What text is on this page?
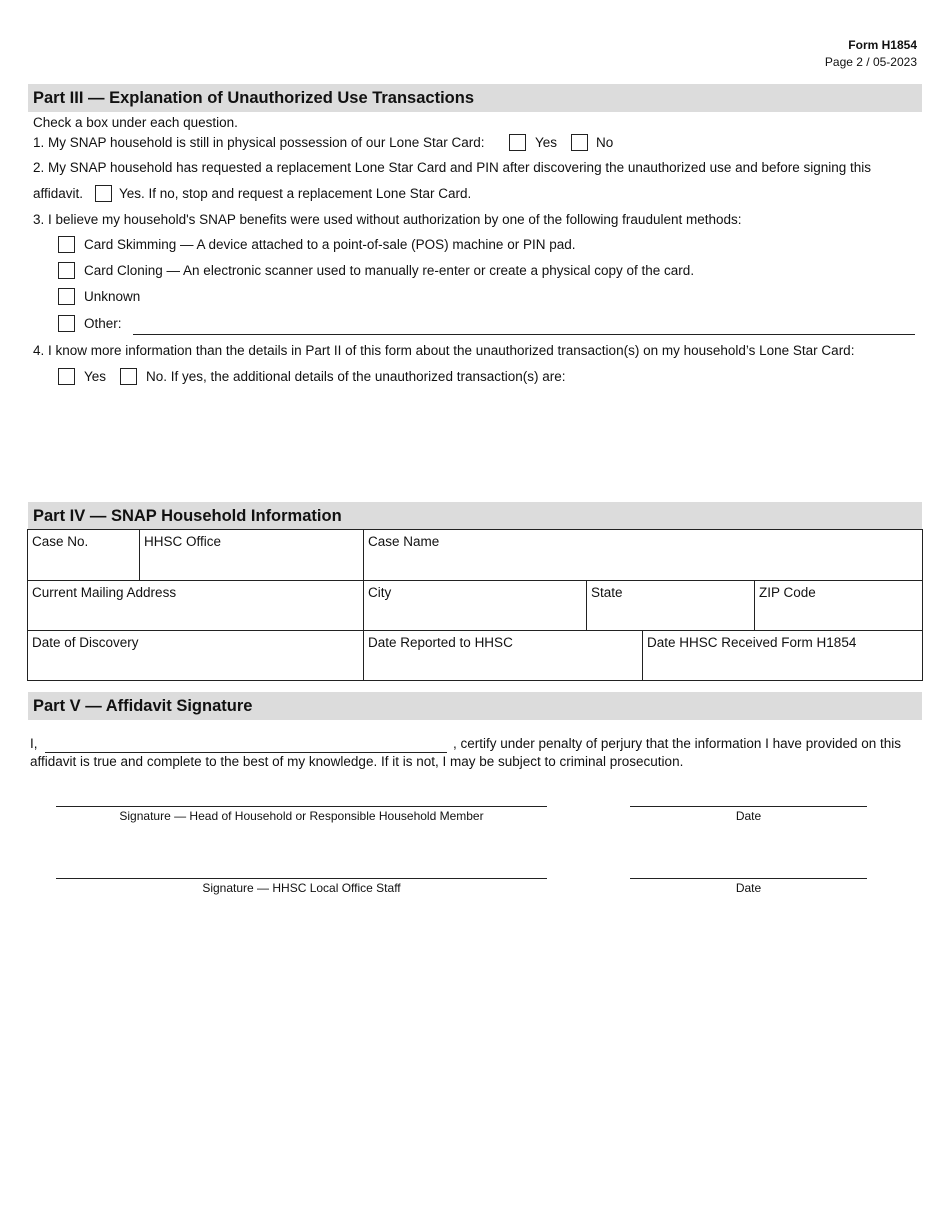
Form H1854
Page 2 / 05-2023
Part III — Explanation of Unauthorized Use Transactions
Check a box under each question.
1. My SNAP household is still in physical possession of our Lone Star Card:	Yes	No
2. My SNAP household has requested a replacement Lone Star Card and PIN after discovering the unauthorized use and before signing this
affidavit.	Yes. If no, stop and request a replacement Lone Star Card.
3. I believe my household's SNAP benefits were used without authorization by one of the following fraudulent methods:
Card Skimming — A device attached to a point-of-sale (POS) machine or PIN pad.
Card Cloning — An electronic scanner used to manually re-enter or create a physical copy of the card.
Unknown
Other:
4. I know more information than the details in Part II of this form about the unauthorized transaction(s) on my household’s Lone Star Card:
Yes	No. If yes, the additional details of the unauthorized transaction(s) are:
Part IV — SNAP Household Information
Case No.	HHSC Office	Case Name
Current Mailing Address	City	State	ZIP Code
Date of Discovery	Date Reported to HHSC	Date HHSC Received Form H1854
Part V — Affidavit Signature
I,	, certify under penalty of perjury that the information I have provided on this
affidavit is true and complete to the best of my knowledge. If it is not, I may be subject to criminal prosecution.
Signature — Head of Household or Responsible Household Member	Date
Signature — HHSC Local Office Staff	Date
